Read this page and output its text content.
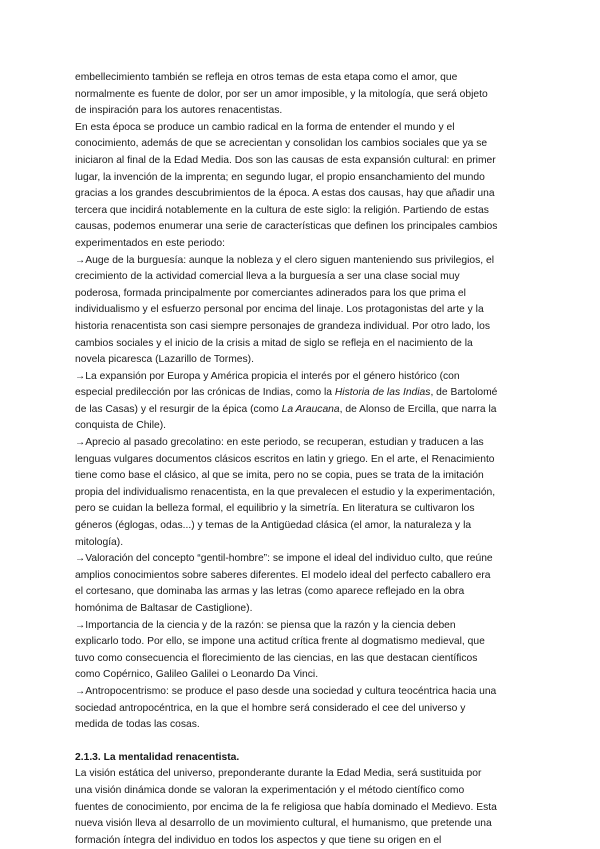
embellecimiento también se refleja en otros temas de esta etapa como el amor, que
normalmente es fuente de dolor, por ser un amor imposible, y la mitología, que será objeto
de inspiración para los autores renacentistas.
En esta época se produce un cambio radical en la forma de entender el mundo y el
conocimiento, además de que se acrecientan y consolidan los cambios sociales que ya se
iniciaron al final de la Edad Media. Dos son las causas de esta expansión cultural: en primer
lugar, la invención de la imprenta; en segundo lugar, el propio ensanchamiento del mundo
gracias a los grandes descubrimientos de la época. A estas dos causas, hay que añadir una
tercera que incidirá notablemente en la cultura de este siglo: la religión. Partiendo de estas
causas, podemos enumerar una serie de características que definen los principales cambios
experimentados en este periodo:
→Auge de la burguesía: aunque la nobleza y el clero siguen manteniendo sus privilegios, el
crecimiento de la actividad comercial lleva a la burguesía a ser una clase social muy
poderosa, formada principalmente por comerciantes adinerados para los que prima el
individualismo y el esfuerzo personal por encima del linaje. Los protagonistas del arte y la
historia renacentista son casi siempre personajes de grandeza individual. Por otro lado, los
cambios sociales y el inicio de la crisis a mitad de siglo se refleja en el nacimiento de la
novela picaresca (Lazarillo de Tormes).
→La expansión por Europa y América propicia el interés por el género histórico (con
especial predilección por las crónicas de Indias, como la Historia de las Indias, de Bartolomé
de las Casas) y el resurgir de la épica (como La Araucana, de Alonso de Ercilla, que narra la
conquista de Chile).
→Aprecio al pasado grecolatino: en este periodo, se recuperan, estudian y traducen a las
lenguas vulgares documentos clásicos escritos en latin y griego. En el arte, el Renacimiento
tiene como base el clásico, al que se imita, pero no se copia, pues se trata de la imitación
propia del individualismo renacentista, en la que prevalecen el estudio y la experimentación,
pero se cuidan la belleza formal, el equilibrio y la simetría. En literatura se cultivaron los
géneros (églogas, odas...) y temas de la Antigüedad clásica (el amor, la naturaleza y la
mitología).
→Valoración del concepto “gentil-hombre”: se impone el ideal del individuo culto, que reúne
amplios conocimientos sobre saberes diferentes. El modelo ideal del perfecto caballero era
el cortesano, que dominaba las armas y las letras (como aparece reflejado en la obra
homónima de Baltasar de Castiglione).
→Importancia de la ciencia y de la razón: se piensa que la razón y la ciencia deben
explicarlo todo. Por ello, se impone una actitud crítica frente al dogmatismo medieval, que
tuvo como consecuencia el florecimiento de las ciencias, en las que destacan científicos
como Copérnico, Galileo Galilei o Leonardo Da Vinci.
→Antropocentrismo: se produce el paso desde una sociedad y cultura teocéntrica hacia una
sociedad antropocéntrica, en la que el hombre será considerado el cee del universo y
medida de todas las cosas.
2.1.3. La mentalidad renacentista.
La visión estática del universo, preponderante durante la Edad Media, será sustituida por
una visión dinámica donde se valoran la experimentación y el método científico como
fuentes de conocimiento, por encima de la fe religiosa que había dominado el Medievo. Esta
nueva visión lleva al desarrollo de un movimiento cultural, el humanismo, que pretende una
formación íntegra del individuo en todos los aspectos y que tiene su origen en el
